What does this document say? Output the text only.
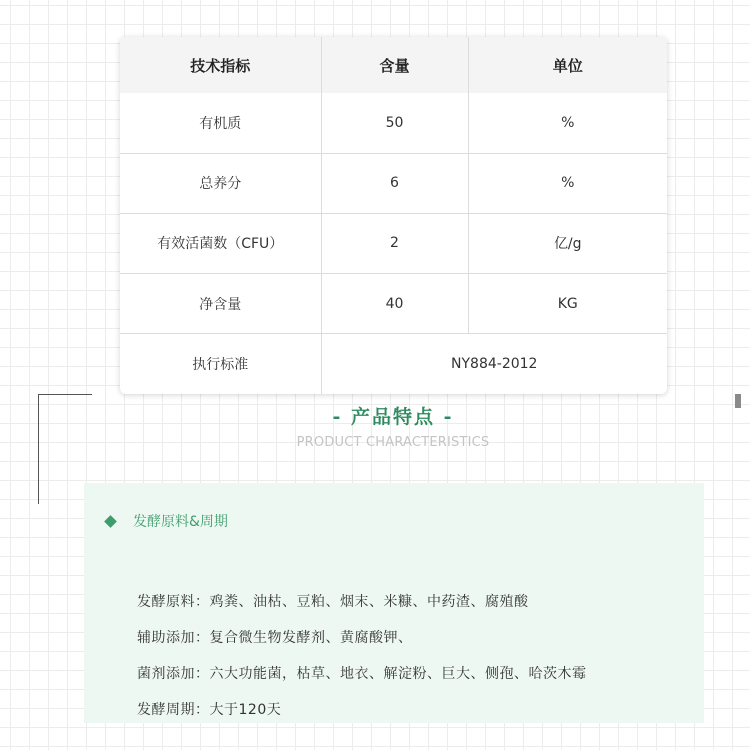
技术指标	含量	单位
有机质	50	%
总养分	6	%
有效活菌数（CFU）	2	亿/g
净含量	40	KG
执行标准	NY884-2012	
- 产品特点 -
PRODUCT CHARACTERISTICS
发酵原料&周期
发酵原料：鸡粪、油枯、豆粕、烟末、米糠、中药渣、腐殖酸
辅助添加：复合微生物发酵剂、黄腐酸钾、
菌剂添加：六大功能菌，枯草、地衣、解淀粉、巨大、侧孢、哈茨木霉
发酵周期：大于120天
